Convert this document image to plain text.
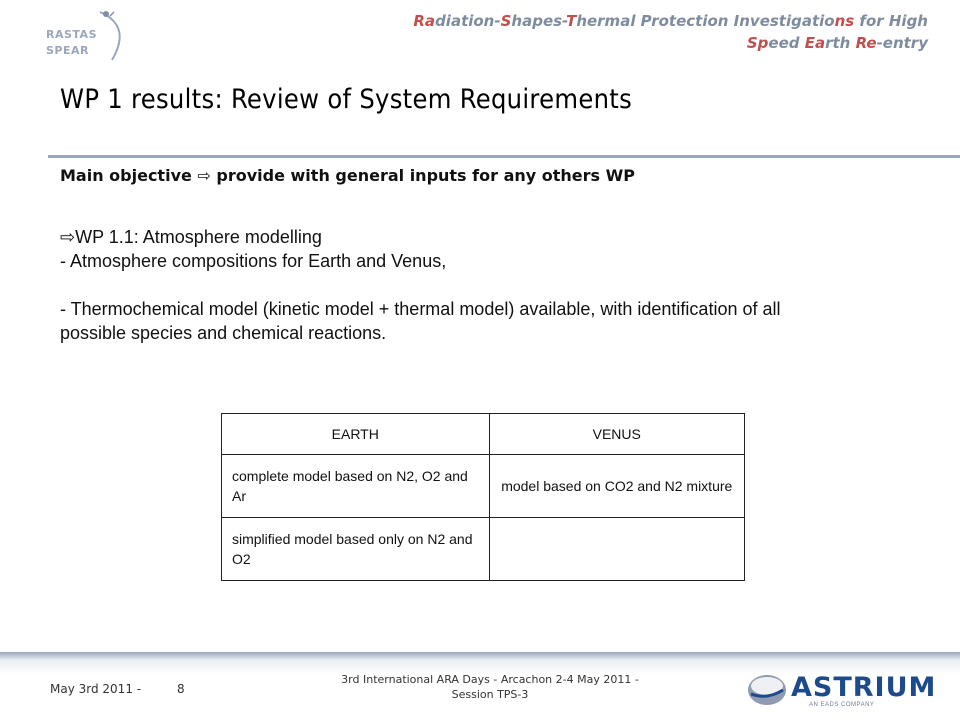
RASTAS
SPEAR
Radiation-Shapes-Thermal Protection Investigations for High
Speed Earth Re-entry
WP 1 results: Review of System Requirements
Main objective ⇨ provide with general inputs for any others WP

⇨WP 1.1: Atmosphere modelling

- Atmosphere compositions for Earth and Venus,

- Thermochemical model (kinetic model + thermal model) available, with identification of all possible species and chemical reactions.

EARTH	VENUS
complete model based on N2, O2 and Ar	model based on CO2 and N2 mixture
simplified model based only on N2 and O2	
May 3rd 2011 -	8
3rd International ARA Days - Arcachon 2-4 May 2011 -
Session TPS-3	ASTRIUM
AN EADS COMPANY
